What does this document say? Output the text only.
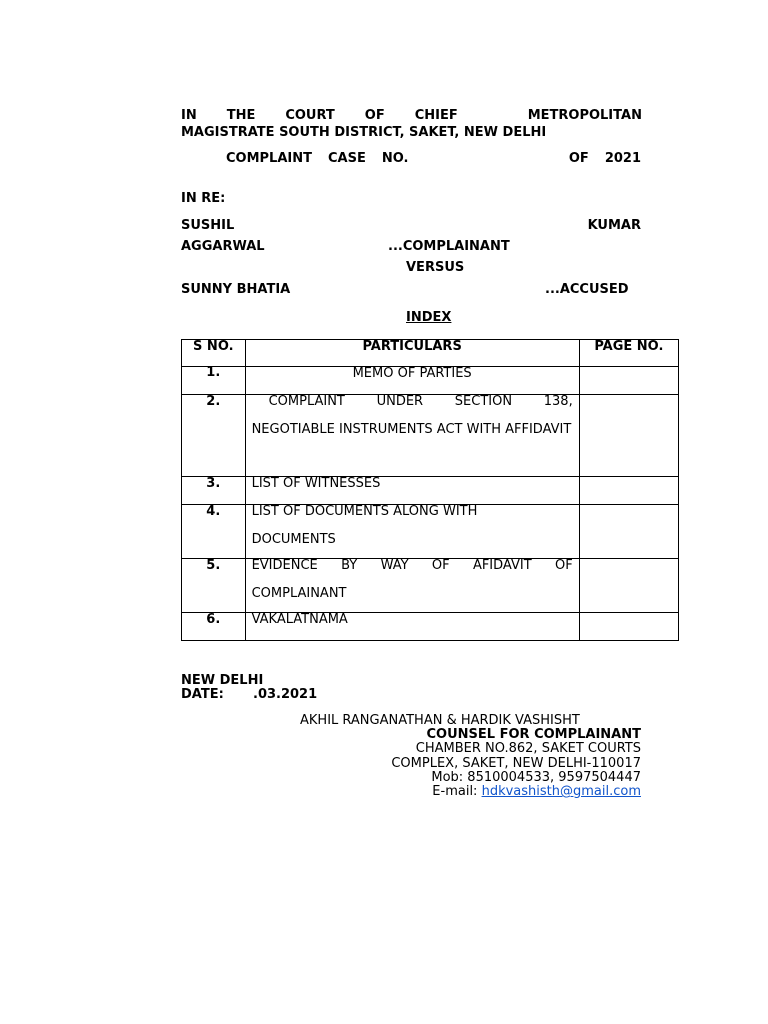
IN THE COURT OF CHIEF	METROPOLITAN
MAGISTRATE SOUTH DISTRICT, SAKET, NEW DELHI
COMPLAINT CASE NO.	OF 2021
IN RE:
SUSHIL	KUMAR
AGGARWAL	...COMPLAINANT
VERSUS
SUNNY BHATIA	...ACCUSED
INDEX
S NO.	PARTICULARS	PAGE NO.

1.	MEMO OF PARTIES	

2.	COMPLAINT UNDER SECTION 138, NEGOTIABLE INSTRUMENTS ACT WITH AFFIDAVIT	

3.	LIST OF WITNESSES	

4.	LIST OF DOCUMENTS ALONG WITH DOCUMENTS	

5.	EVIDENCE BY WAY OF AFIDAVIT OF COMPLAINANT	

6.	VAKALATNAMA	

NEW DELHI
DATE: .03.2021
AKHIL RANGANATHAN & HARDIK VASHISHT
COUNSEL FOR COMPLAINANT
CHAMBER NO.862, SAKET COURTS
COMPLEX, SAKET, NEW DELHI-110017
Mob: 8510004533, 9597504447
E-mail: hdkvashisth@gmail.com
